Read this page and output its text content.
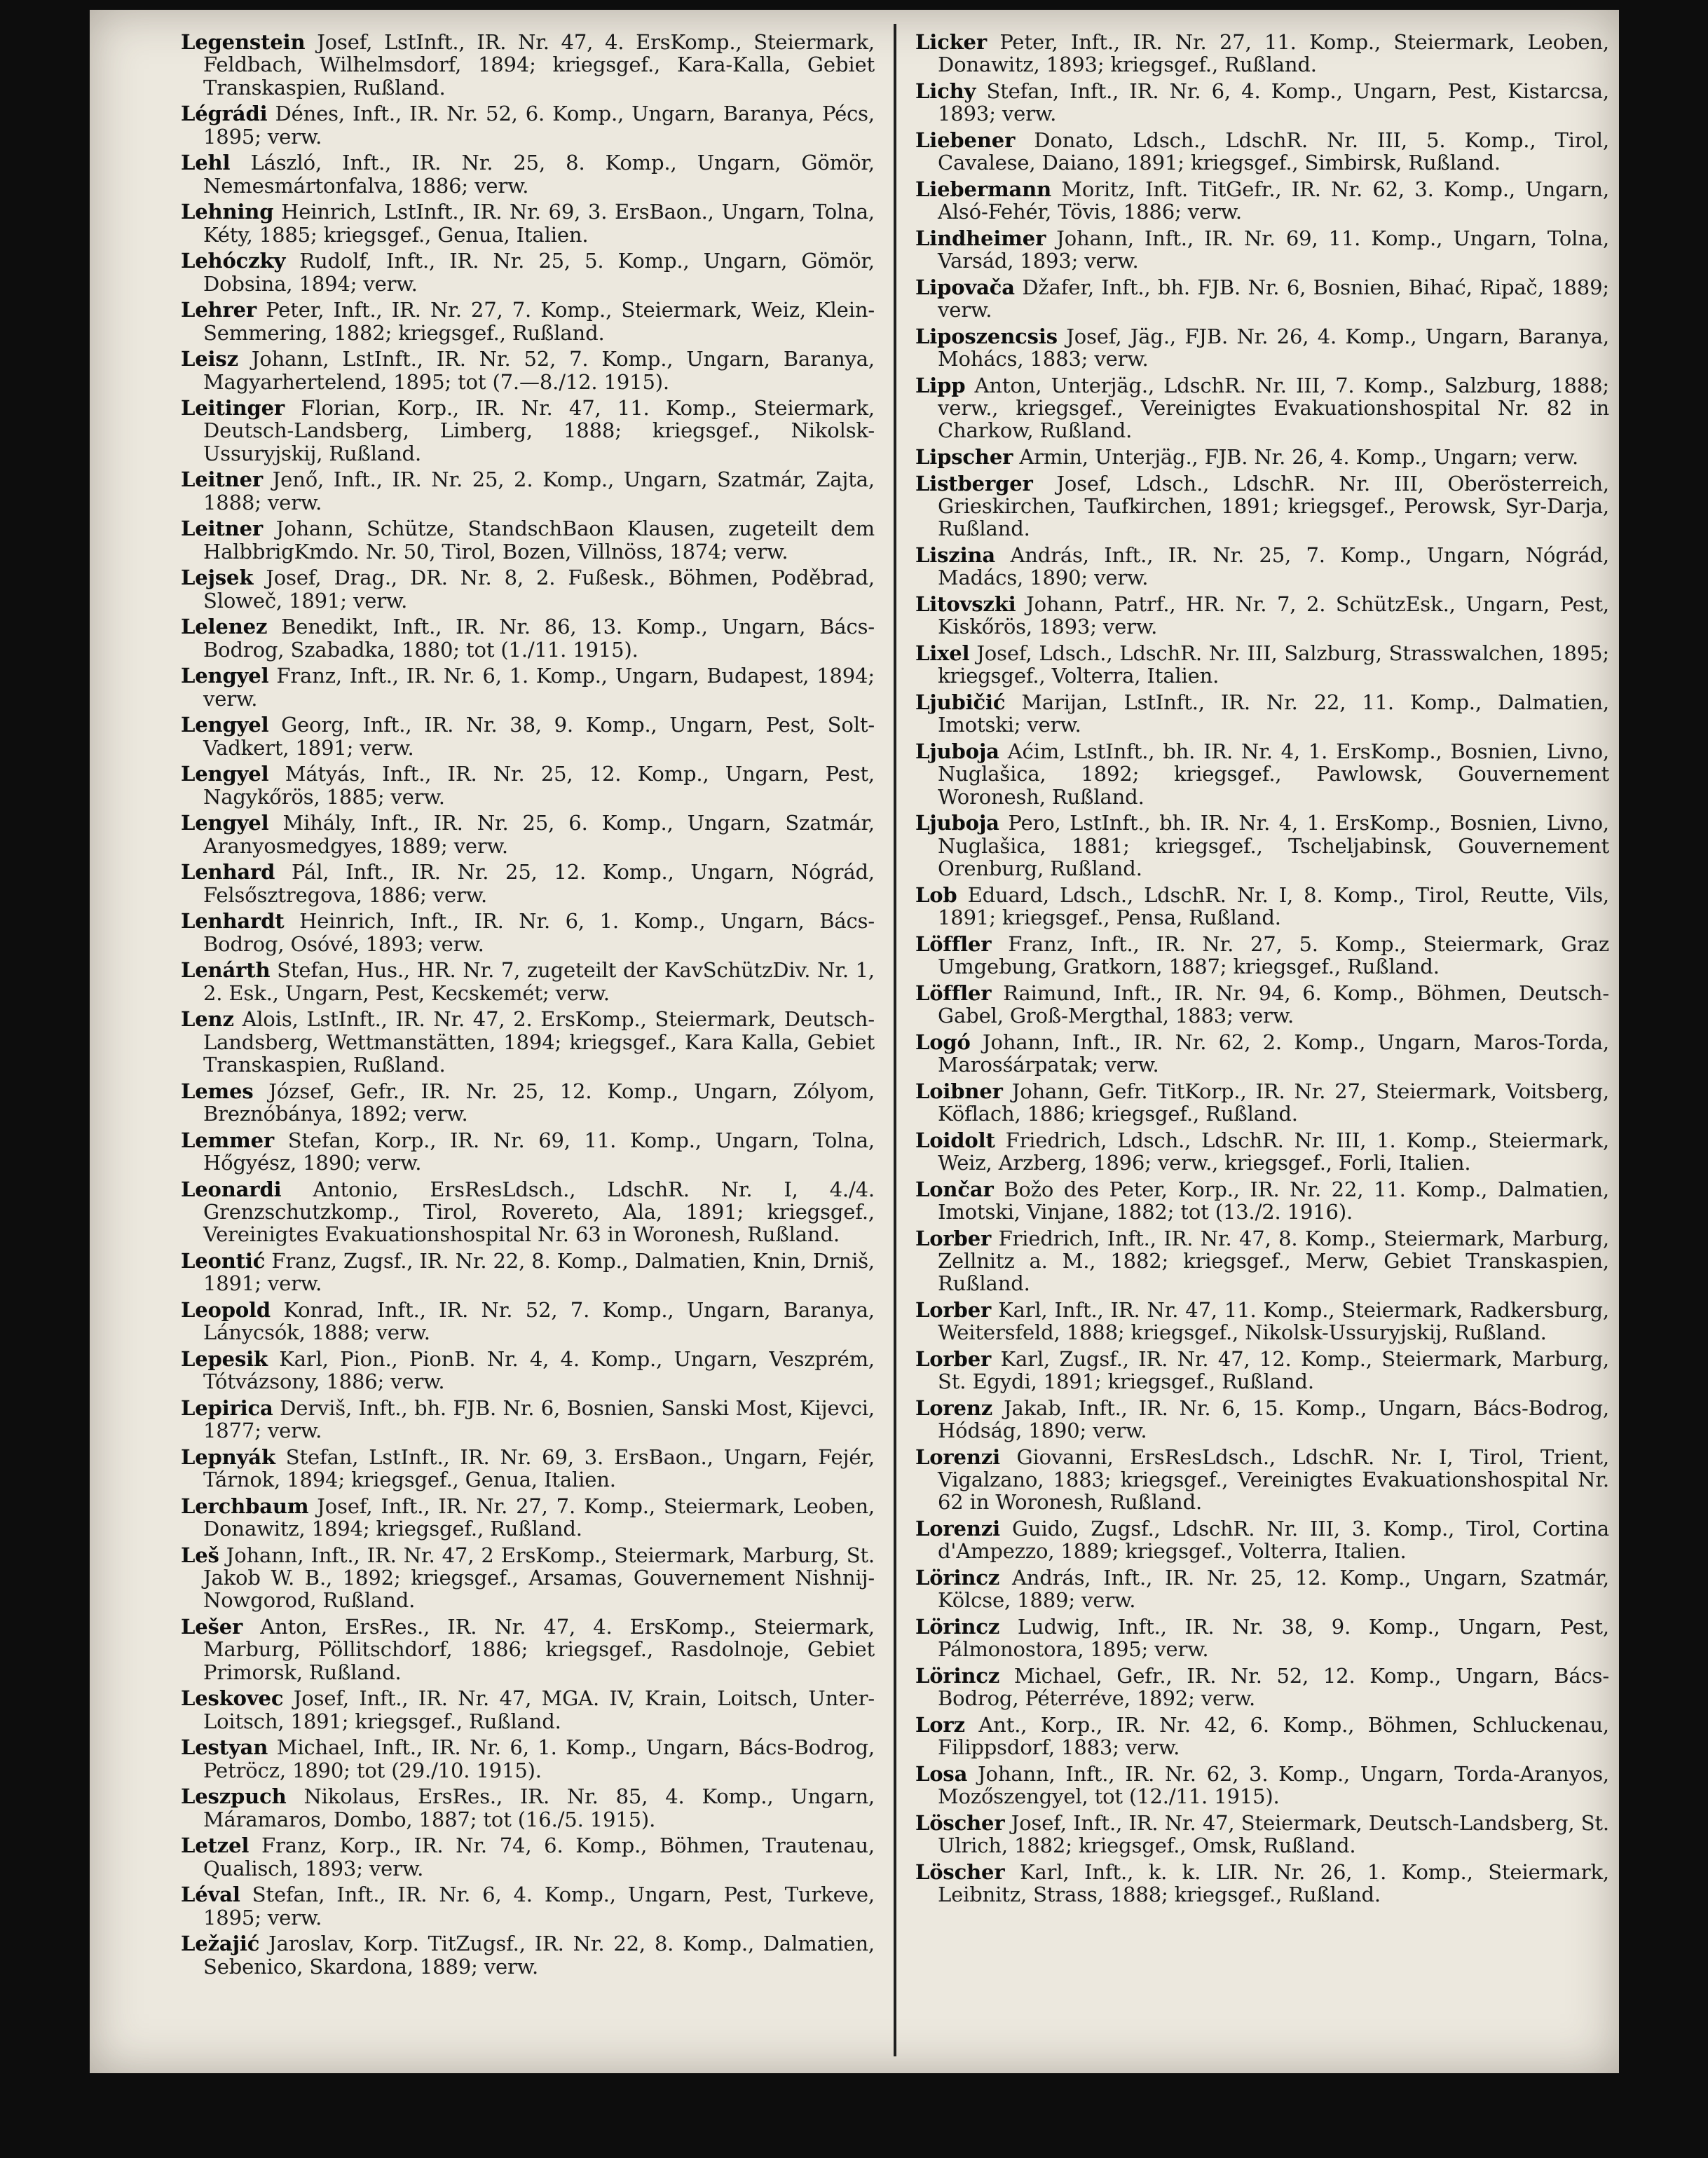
Legenstein Josef, LstInft., IR. Nr. 47, 4. ErsKomp., Steiermark, Feldbach, Wilhelmsdorf, 1894; kriegsgef., Kara-Kalla, Gebiet Transkaspien, Rußland.
Légrádi Dénes, Inft., IR. Nr. 52, 6. Komp., Ungarn, Baranya, Pécs, 1895; verw.
Lehl László, Inft., IR. Nr. 25, 8. Komp., Ungarn, Gömör, Nemesmártonfalva, 1886; verw.
Lehning Heinrich, LstInft., IR. Nr. 69, 3. ErsBaon., Ungarn, Tolna, Kéty, 1885; kriegsgef., Genua, Italien.
Lehóczky Rudolf, Inft., IR. Nr. 25, 5. Komp., Ungarn, Gömör, Dobsina, 1894; verw.
Lehrer Peter, Inft., IR. Nr. 27, 7. Komp., Steiermark, Weiz, Klein-Semmering, 1882; kriegsgef., Rußland.
Leisz Johann, LstInft., IR. Nr. 52, 7. Komp., Ungarn, Baranya, Magyarhertelend, 1895; tot (7.—8./12. 1915).
Leitinger Florian, Korp., IR. Nr. 47, 11. Komp., Steiermark, Deutsch-Landsberg, Limberg, 1888; kriegsgef., Nikolsk-Ussuryjskij, Rußland.
Leitner Jenő, Inft., IR. Nr. 25, 2. Komp., Ungarn, Szatmár, Zajta, 1888; verw.
Leitner Johann, Schütze, StandschBaon Klausen, zugeteilt dem HalbbrigKmdo. Nr. 50, Tirol, Bozen, Villnöss, 1874; verw.
Lejsek Josef, Drag., DR. Nr. 8, 2. Fußesk., Böhmen, Poděbrad, Slowеč, 1891; verw.
Lelenez Benedikt, Inft., IR. Nr. 86, 13. Komp., Ungarn, Bács-Bodrog, Szabadka, 1880; tot (1./11. 1915).
Lengyel Franz, Inft., IR. Nr. 6, 1. Komp., Ungarn, Budapest, 1894; verw.
Lengyel Georg, Inft., IR. Nr. 38, 9. Komp., Ungarn, Pest, Solt-Vadkert, 1891; verw.
Lengyel Mátyás, Inft., IR. Nr. 25, 12. Komp., Ungarn, Pest, Nagykőrös, 1885; verw.
Lengyel Mihály, Inft., IR. Nr. 25, 6. Komp., Ungarn, Szatmár, Aranyosmedgyes, 1889; verw.
Lenhard Pál, Inft., IR. Nr. 25, 12. Komp., Ungarn, Nógrád, Felsősztregova, 1886; verw.
Lenhardt Heinrich, Inft., IR. Nr. 6, 1. Komp., Ungarn, Bács-Bodrog, Osóvé, 1893; verw.
Lenárth Stefan, Hus., HR. Nr. 7, zugeteilt der KavSchützDiv. Nr. 1, 2. Esk., Ungarn, Pest, Kecskemét; verw.
Lenz Alois, LstInft., IR. Nr. 47, 2. ErsKomp., Steiermark, Deutsch-Landsberg, Wettmanstätten, 1894; kriegsgef., Kara Kalla, Gebiet Transkaspien, Rußland.
Lemes József, Gefr., IR. Nr. 25, 12. Komp., Ungarn, Zólyom, Breznóbánya, 1892; verw.
Lemmer Stefan, Korp., IR. Nr. 69, 11. Komp., Ungarn, Tolna, Hőgyész, 1890; verw.
Leonardi Antonio, ErsResLdsch., LdschR. Nr. I, 4./4. Grenzschutzkomp., Tirol, Rovereto, Ala, 1891; kriegsgef., Vereinigtes Evakuationshospital Nr. 63 in Woronesh, Rußland.
Leontić Franz, Zugsf., IR. Nr. 22, 8. Komp., Dalmatien, Knin, Drniš, 1891; verw.
Leopold Konrad, Inft., IR. Nr. 52, 7. Komp., Ungarn, Baranya, Lánycsók, 1888; verw.
Lepesik Karl, Pion., PionB. Nr. 4, 4. Komp., Ungarn, Veszprém, Tótvázsony, 1886; verw.
Lepirica Derviš, Inft., bh. FJB. Nr. 6, Bosnien, Sanski Most, Kijevci, 1877; verw.
Lepnyák Stefan, LstInft., IR. Nr. 69, 3. ErsBaon., Ungarn, Fejér, Tárnok, 1894; kriegsgef., Genua, Italien.
Lerchbaum Josef, Inft., IR. Nr. 27, 7. Komp., Steiermark, Leoben, Donawitz, 1894; kriegsgef., Rußland.
Leš Johann, Inft., IR. Nr. 47, 2 ErsKomp., Steiermark, Marburg, St. Jakob W. B., 1892; kriegsgef., Arsamas, Gouvernement Nishnij-Nowgorod, Rußland.
Lešer Anton, ErsRes., IR. Nr. 47, 4. ErsKomp., Steiermark, Marburg, Pöllitschdorf, 1886; kriegsgef., Rasdolnoje, Gebiet Primorsk, Rußland.
Leskovec Josef, Inft., IR. Nr. 47, MGA. IV, Krain, Loitsch, Unter-Loitsch, 1891; kriegsgef., Rußland.
Lestyan Michael, Inft., IR. Nr. 6, 1. Komp., Ungarn, Bács-Bodrog, Petröcz, 1890; tot (29./10. 1915).
Leszpuch Nikolaus, ErsRes., IR. Nr. 85, 4. Komp., Ungarn, Máramaros, Dombo, 1887; tot (16./5. 1915).
Letzel Franz, Korp., IR. Nr. 74, 6. Komp., Böhmen, Trautenau, Qualisch, 1893; verw.
Léval Stefan, Inft., IR. Nr. 6, 4. Komp., Ungarn, Pest, Turkeve, 1895; verw.
Ležajić Jaroslav, Korp. TitZugsf., IR. Nr. 22, 8. Komp., Dalmatien, Sebenico, Skardona, 1889; verw.
Licker Peter, Inft., IR. Nr. 27, 11. Komp., Steiermark, Leoben, Donawitz, 1893; kriegsgef., Rußland.
Lichy Stefan, Inft., IR. Nr. 6, 4. Komp., Ungarn, Pest, Kistarcsa, 1893; verw.
Liebener Donato, Ldsch., LdschR. Nr. III, 5. Komp., Tirol, Cavalese, Daiano, 1891; kriegsgef., Simbirsk, Rußland.
Liebermann Moritz, Inft. TitGefr., IR. Nr. 62, 3. Komp., Ungarn, Alsó-Fehér, Tövis, 1886; verw.
Lindheimer Johann, Inft., IR. Nr. 69, 11. Komp., Ungarn, Tolna, Varsád, 1893; verw.
Lipovača Džafer, Inft., bh. FJB. Nr. 6, Bosnien, Bihać, Ripač, 1889; verw.
Liposzencsis Josef, Jäg., FJB. Nr. 26, 4. Komp., Ungarn, Baranya, Mohács, 1883; verw.
Lipp Anton, Unterjäg., LdschR. Nr. III, 7. Komp., Salzburg, 1888; verw., kriegsgef., Vereinigtes Evakuationshospital Nr. 82 in Charkow, Rußland.
Lipscher Armin, Unterjäg., FJB. Nr. 26, 4. Komp., Ungarn; verw.
Listberger Josef, Ldsch., LdschR. Nr. III, Oberösterreich, Grieskirchen, Taufkirchen, 1891; kriegsgef., Perowsk, Syr-Darja, Rußland.
Liszina András, Inft., IR. Nr. 25, 7. Komp., Ungarn, Nógrád, Madács, 1890; verw.
Litovszki Johann, Patrf., HR. Nr. 7, 2. SchützEsk., Ungarn, Pest, Kiskőrös, 1893; verw.
Lixel Josef, Ldsch., LdschR. Nr. III, Salzburg, Strasswalchen, 1895; kriegsgef., Volterra, Italien.
Ljubičić Marijan, LstInft., IR. Nr. 22, 11. Komp., Dalmatien, Imotski; verw.
Ljuboja Aćim, LstInft., bh. IR. Nr. 4, 1. ErsKomp., Bosnien, Livno, Nuglašica, 1892; kriegsgef., Pawlowsk, Gouvernement Woronesh, Rußland.
Ljuboja Pero, LstInft., bh. IR. Nr. 4, 1. ErsKomp., Bosnien, Livno, Nuglašica, 1881; kriegsgef., Tscheljabinsk, Gouvernement Orenburg, Rußland.
Lob Eduard, Ldsch., LdschR. Nr. I, 8. Komp., Tirol, Reutte, Vils, 1891; kriegsgef., Pensa, Rußland.
Löffler Franz, Inft., IR. Nr. 27, 5. Komp., Steiermark, Graz Umgebung, Gratkorn, 1887; kriegsgef., Rußland.
Löffler Raimund, Inft., IR. Nr. 94, 6. Komp., Böhmen, Deutsch-Gabel, Groß-Mergthal, 1883; verw.
Logó Johann, Inft., IR. Nr. 62, 2. Komp., Ungarn, Maros-Torda, Marosśárpatak; verw.
Loibner Johann, Gefr. TitKorp., IR. Nr. 27, Steiermark, Voitsberg, Köflach, 1886; kriegsgef., Rußland.
Loidolt Friedrich, Ldsch., LdschR. Nr. III, 1. Komp., Steiermark, Weiz, Arzberg, 1896; verw., kriegsgef., Forli, Italien.
Lončar Božo des Peter, Korp., IR. Nr. 22, 11. Komp., Dalmatien, Imotski, Vinjane, 1882; tot (13./2. 1916).
Lorber Friedrich, Inft., IR. Nr. 47, 8. Komp., Steiermark, Marburg, Zellnitz a. M., 1882; kriegsgef., Merw, Gebiet Transkaspien, Rußland.
Lorber Karl, Inft., IR. Nr. 47, 11. Komp., Steiermark, Radkersburg, Weitersfeld, 1888; kriegsgef., Nikolsk-Ussuryjskij, Rußland.
Lorber Karl, Zugsf., IR. Nr. 47, 12. Komp., Steiermark, Marburg, St. Egydi, 1891; kriegsgef., Rußland.
Lorenz Jakab, Inft., IR. Nr. 6, 15. Komp., Ungarn, Bács-Bodrog, Hódság, 1890; verw.
Lorenzi Giovanni, ErsResLdsch., LdschR. Nr. I, Tirol, Trient, Vigalzano, 1883; kriegsgef., Vereinigtes Evakuationshospital Nr. 62 in Woronesh, Rußland.
Lorenzi Guido, Zugsf., LdschR. Nr. III, 3. Komp., Tirol, Cortina d'Ampezzo, 1889; kriegsgef., Volterra, Italien.
Lörincz András, Inft., IR. Nr. 25, 12. Komp., Ungarn, Szatmár, Kölcse, 1889; verw.
Lörincz Ludwig, Inft., IR. Nr. 38, 9. Komp., Ungarn, Pest, Pálmonostora, 1895; verw.
Lörincz Michael, Gefr., IR. Nr. 52, 12. Komp., Ungarn, Bács-Bodrog, Péterréve, 1892; verw.
Lorz Ant., Korp., IR. Nr. 42, 6. Komp., Böhmen, Schluckenau, Filippsdorf, 1883; verw.
Losa Johann, Inft., IR. Nr. 62, 3. Komp., Ungarn, Torda-Aranyos, Mozőszengyel, tot (12./11. 1915).
Löscher Josef, Inft., IR. Nr. 47, Steiermark, Deutsch-Landsberg, St. Ulrich, 1882; kriegsgef., Omsk, Rußland.
Löscher Karl, Inft., k. k. LIR. Nr. 26, 1. Komp., Steiermark, Leibnitz, Strass, 1888; kriegsgef., Rußland.
